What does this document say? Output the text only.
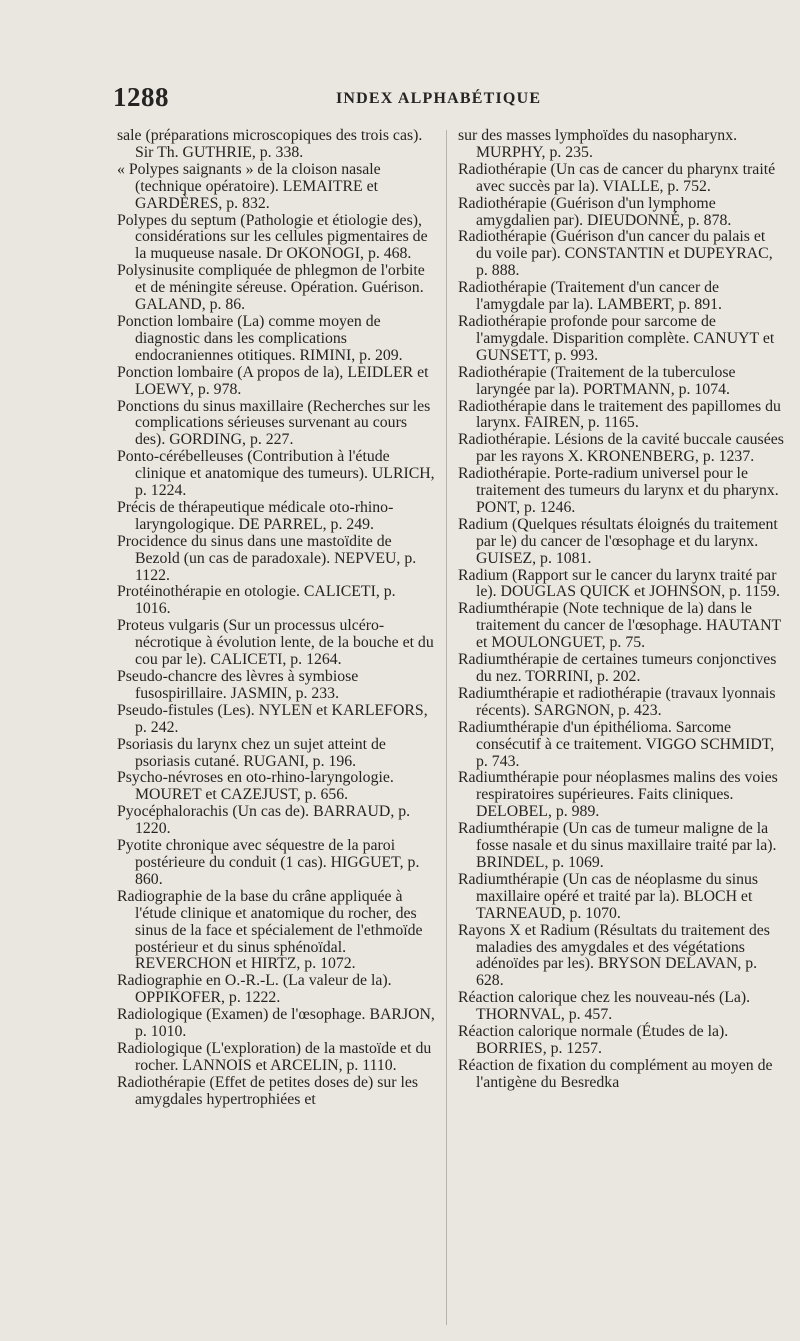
1288	INDEX ALPHABÉTIQUE

sale (préparations microscopiques des trois cas). Sir Th. GUTHRIE, p. 338.

« Polypes saignants » de la cloison nasale (technique opératoire). LEMAITRE et GARDÈRES, p. 832.

Polypes du septum (Pathologie et étiologie des), considérations sur les cellules pigmentaires de la muqueuse nasale. Dr OKONOGI, p. 468.

Polysinusite compliquée de phlegmon de l'orbite et de méningite séreuse. Opération. Guérison. GALAND, p. 86.

Ponction lombaire (La) comme moyen de diagnostic dans les complications endocraniennes otitiques. RIMINI, p. 209.

Ponction lombaire (A propos de la), LEIDLER et LOEWY, p. 978.

Ponctions du sinus maxillaire (Recherches sur les complications sérieuses survenant au cours des). GORDING, p. 227.

Ponto-cérébelleuses (Contribution à l'étude clinique et anatomique des tumeurs). ULRICH, p. 1224.

Précis de thérapeutique médicale oto-rhino-laryngologique. DE PARREL, p. 249.

Procidence du sinus dans une mastoïdite de Bezold (un cas de paradoxale). NEPVEU, p. 1122.

Protéinothérapie en otologie. CALICETI, p. 1016.

Proteus vulgaris (Sur un processus ulcéro-nécrotique à évolution lente, de la bouche et du cou par le). CALICETI, p. 1264.

Pseudo-chancre des lèvres à symbiose fusospirillaire. JASMIN, p. 233.

Pseudo-fistules (Les). NYLEN et KARLEFORS, p. 242.

Psoriasis du larynx chez un sujet atteint de psoriasis cutané. RUGANI, p. 196.

Psycho-névroses en oto-rhino-laryngologie. MOURET et CAZEJUST, p. 656.

Pyocéphalorachis (Un cas de). BARRAUD, p. 1220.

Pyotite chronique avec séquestre de la paroi postérieure du conduit (1 cas). HIGGUET, p. 860.

Radiographie de la base du crâne appliquée à l'étude clinique et anatomique du rocher, des sinus de la face et spécialement de l'ethmoïde postérieur et du sinus sphénoïdal. REVERCHON et HIRTZ, p. 1072.

Radiographie en O.-R.-L. (La valeur de la). OPPIKOFER, p. 1222.

Radiologique (Examen) de l'œsophage. BARJON, p. 1010.

Radiologique (L'exploration) de la mastoïde et du rocher. LANNOIS et ARCELIN, p. 1110.

Radiothérapie (Effet de petites doses de) sur les amygdales hypertrophiées et

sur des masses lymphoïdes du nasopharynx. MURPHY, p. 235.

Radiothérapie (Un cas de cancer du pharynx traité avec succès par la). VIALLE, p. 752.

Radiothérapie (Guérison d'un lymphome amygdalien par). DIEUDONNÉ, p. 878.

Radiothérapie (Guérison d'un cancer du palais et du voile par). CONSTANTIN et DUPEYRAC, p. 888.

Radiothérapie (Traitement d'un cancer de l'amygdale par la). LAMBERT, p. 891.

Radiothérapie profonde pour sarcome de l'amygdale. Disparition complète. CANUYT et GUNSETT, p. 993.

Radiothérapie (Traitement de la tuberculose laryngée par la). PORTMANN, p. 1074.

Radiothérapie dans le traitement des papillomes du larynx. FAIREN, p. 1165.

Radiothérapie. Lésions de la cavité buccale causées par les rayons X. KRONENBERG, p. 1237.

Radiothérapie. Porte-radium universel pour le traitement des tumeurs du larynx et du pharynx. PONT, p. 1246.

Radium (Quelques résultats éloignés du traitement par le) du cancer de l'œsophage et du larynx. GUISEZ, p. 1081.

Radium (Rapport sur le cancer du larynx traité par le). DOUGLAS QUICK et JOHNSON, p. 1159.

Radiumthérapie (Note technique de la) dans le traitement du cancer de l'œsophage. HAUTANT et MOULONGUET, p. 75.

Radiumthérapie de certaines tumeurs conjonctives du nez. TORRINI, p. 202.

Radiumthérapie et radiothérapie (travaux lyonnais récents). SARGNON, p. 423.

Radiumthérapie d'un épithélioma. Sarcome consécutif à ce traitement. VIGGO SCHMIDT, p. 743.

Radiumthérapie pour néoplasmes malins des voies respiratoires supérieures. Faits cliniques. DELOBEL, p. 989.

Radiumthérapie (Un cas de tumeur maligne de la fosse nasale et du sinus maxillaire traité par la). BRINDEL, p. 1069.

Radiumthérapie (Un cas de néoplasme du sinus maxillaire opéré et traité par la). BLOCH et TARNEAUD, p. 1070.

Rayons X et Radium (Résultats du traitement des maladies des amygdales et des végétations adénoïdes par les). BRYSON DELAVAN, p. 628.

Réaction calorique chez les nouveau-nés (La). THORNVAL, p. 457.

Réaction calorique normale (Études de la). BORRIES, p. 1257.

Réaction de fixation du complément au moyen de l'antigène du Besredka
